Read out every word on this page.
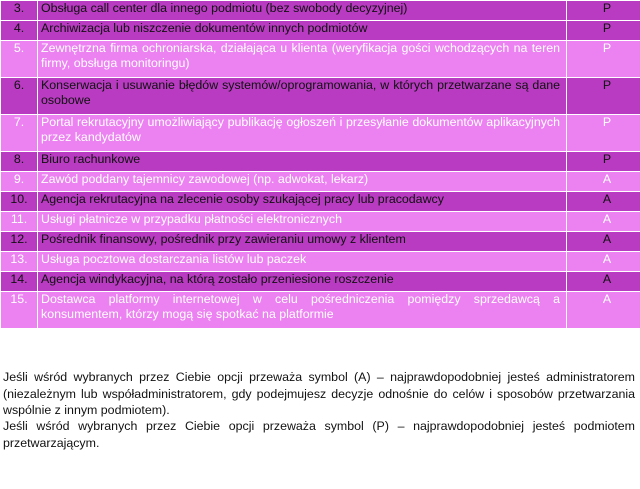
3.	Obsługa call center dla innego podmiotu (bez swobody decyzyjnej)	P
4.	Archiwizacja lub niszczenie dokumentów innych podmiotów	P
5.	Zewnętrzna firma ochroniarska, działająca u klienta (weryfikacja gości wchodzących na teren firmy, obsługa monitoringu)	P
6.	Konserwacja i usuwanie błędów systemów/oprogramowania, w których przetwarzane są dane osobowe	P
7.	Portal rekrutacyjny umożliwiający publikację ogłoszeń i przesyłanie dokumentów aplikacyjnych przez kandydatów	P
8.	Biuro rachunkowe	P
9.	Zawód poddany tajemnicy zawodowej (np. adwokat, lekarz)	A
10.	Agencja rekrutacyjna na zlecenie osoby szukającej pracy lub pracodawcy	A
11.	Usługi płatnicze w przypadku płatności elektronicznych	A
12.	Pośrednik finansowy, pośrednik przy zawieraniu umowy z klientem	A
13.	Usługa pocztowa dostarczania listów lub paczek	A
14.	Agencja windykacyjna, na którą zostało przeniesione roszczenie	A
15.	Dostawca platformy internetowej w celu pośredniczenia pomiędzy sprzedawcą a konsumentem, którzy mogą się spotkać na platformie	A

Jeśli wśród wybranych przez Ciebie opcji przeważa symbol (A) – najprawdopodobniej jesteś administratorem (niezależnym lub współadministratorem, gdy podejmujesz decyzje odnośnie do celów i sposobów przetwarzania wspólnie z innym podmiotem).

Jeśli wśród wybranych przez Ciebie opcji przeważa symbol (P) – najprawdopodobniej jesteś podmiotem przetwarzającym.
